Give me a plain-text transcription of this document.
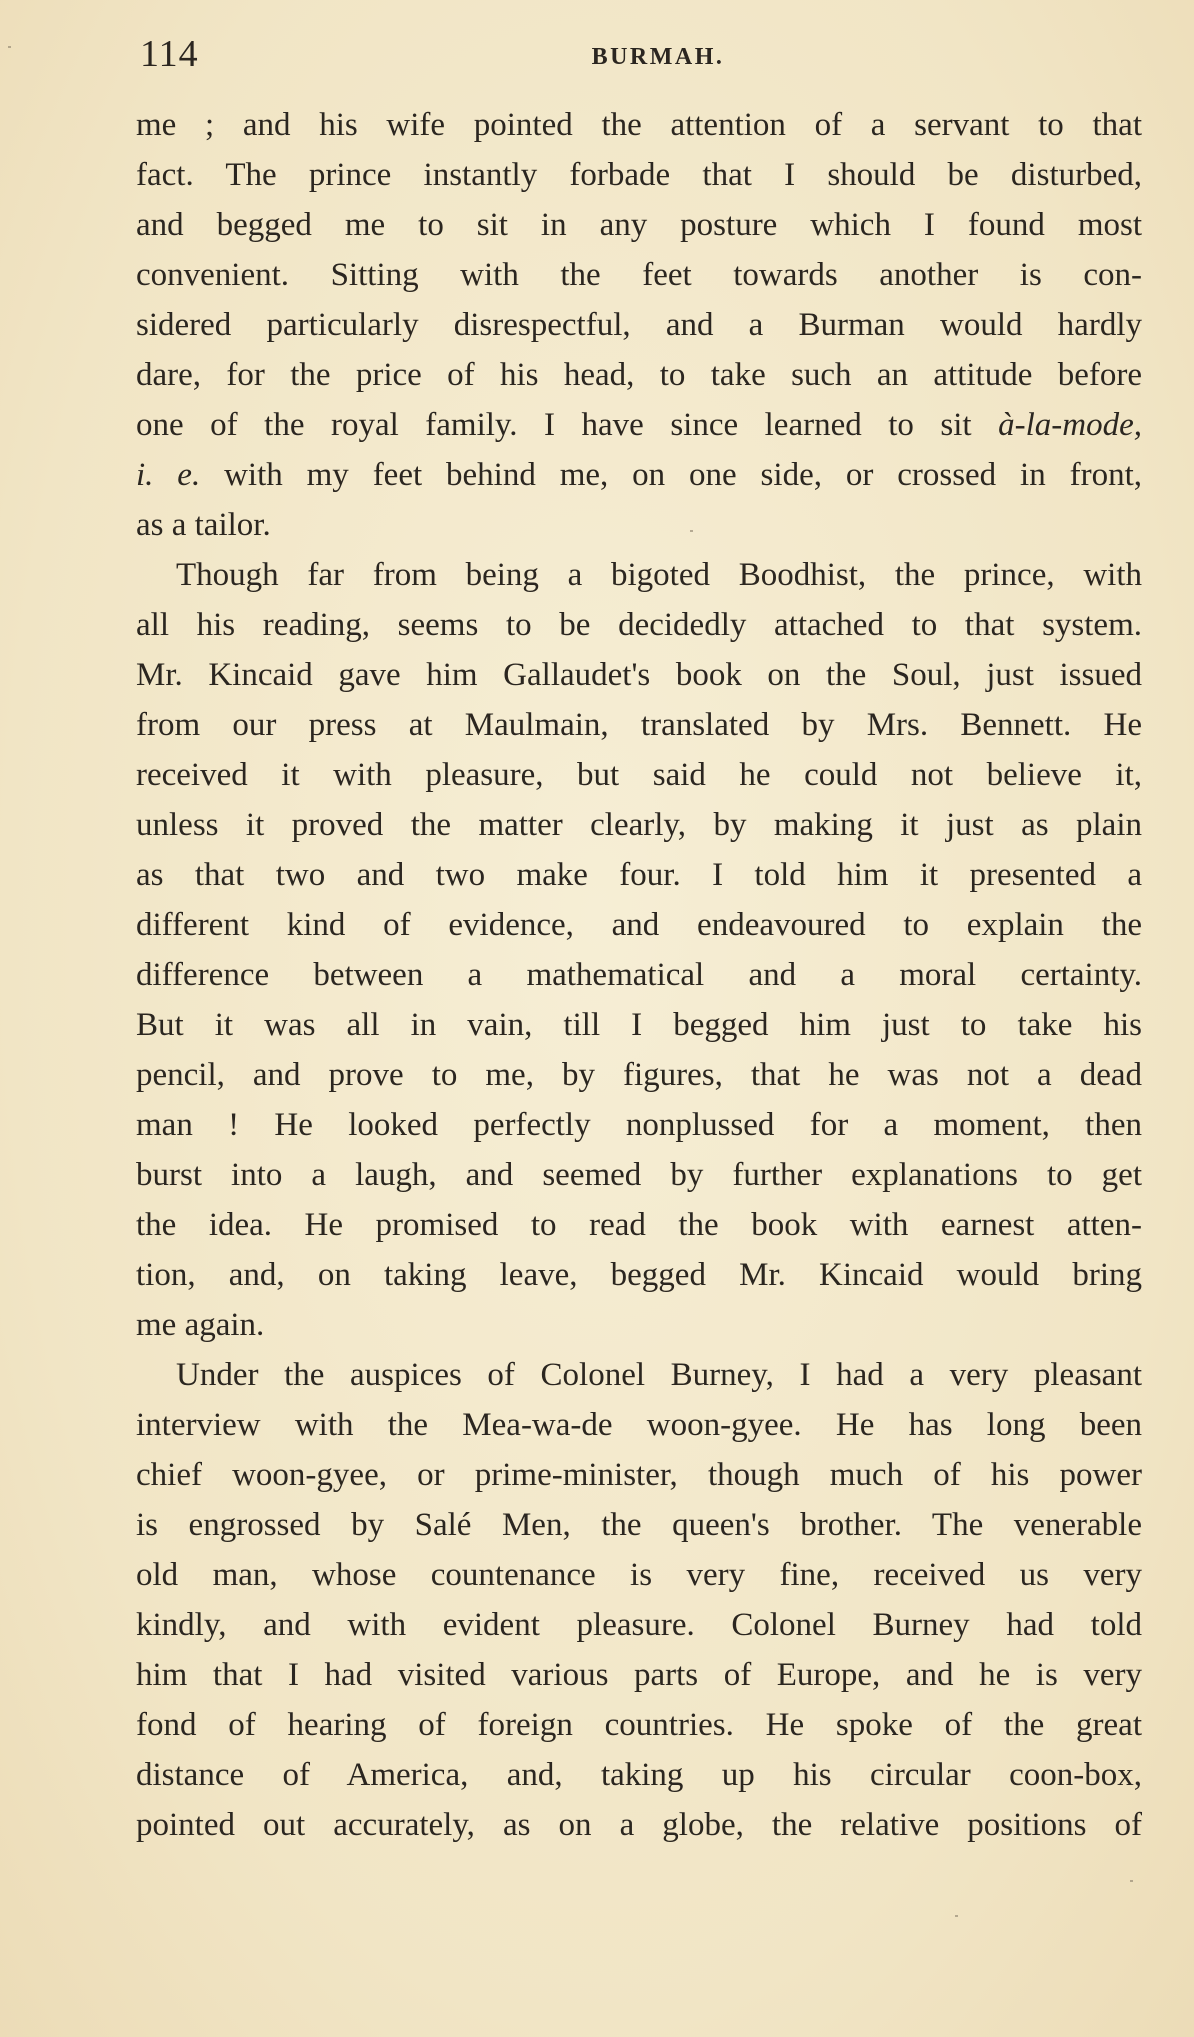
114	BURMAH.

me ; and his wife pointed the attention of a servant to that
fact. The prince instantly forbade that I should be disturbed,
and begged me to sit in any posture which I found most
convenient. Sitting with the feet towards another is con-
sidered particularly disrespectful, and a Burman would hardly
dare, for the price of his head, to take such an attitude before
one of the royal family. I have since learned to sit à-la-mode,
i. e. with my feet behind me, on one side, or crossed in front,
as a tailor.

Though far from being a bigoted Boodhist, the prince, with
all his reading, seems to be decidedly attached to that system.
Mr. Kincaid gave him Gallaudet's book on the Soul, just issued
from our press at Maulmain, translated by Mrs. Bennett. He
received it with pleasure, but said he could not believe it,
unless it proved the matter clearly, by making it just as plain
as that two and two make four. I told him it presented a
different kind of evidence, and endeavoured to explain the
difference between a mathematical and a moral certainty.
But it was all in vain, till I begged him just to take his
pencil, and prove to me, by figures, that he was not a dead
man ! He looked perfectly nonplussed for a moment, then
burst into a laugh, and seemed by further explanations to get
the idea. He promised to read the book with earnest atten-
tion, and, on taking leave, begged Mr. Kincaid would bring
me again.

Under the auspices of Colonel Burney, I had a very pleasant
interview with the Mea-wa-de woon-gyee. He has long been
chief woon-gyee, or prime-minister, though much of his power
is engrossed by Salé Men, the queen's brother. The venerable
old man, whose countenance is very fine, received us very
kindly, and with evident pleasure. Colonel Burney had told
him that I had visited various parts of Europe, and he is very
fond of hearing of foreign countries. He spoke of the great
distance of America, and, taking up his circular coon-box,
pointed out accurately, as on a globe, the relative positions of
